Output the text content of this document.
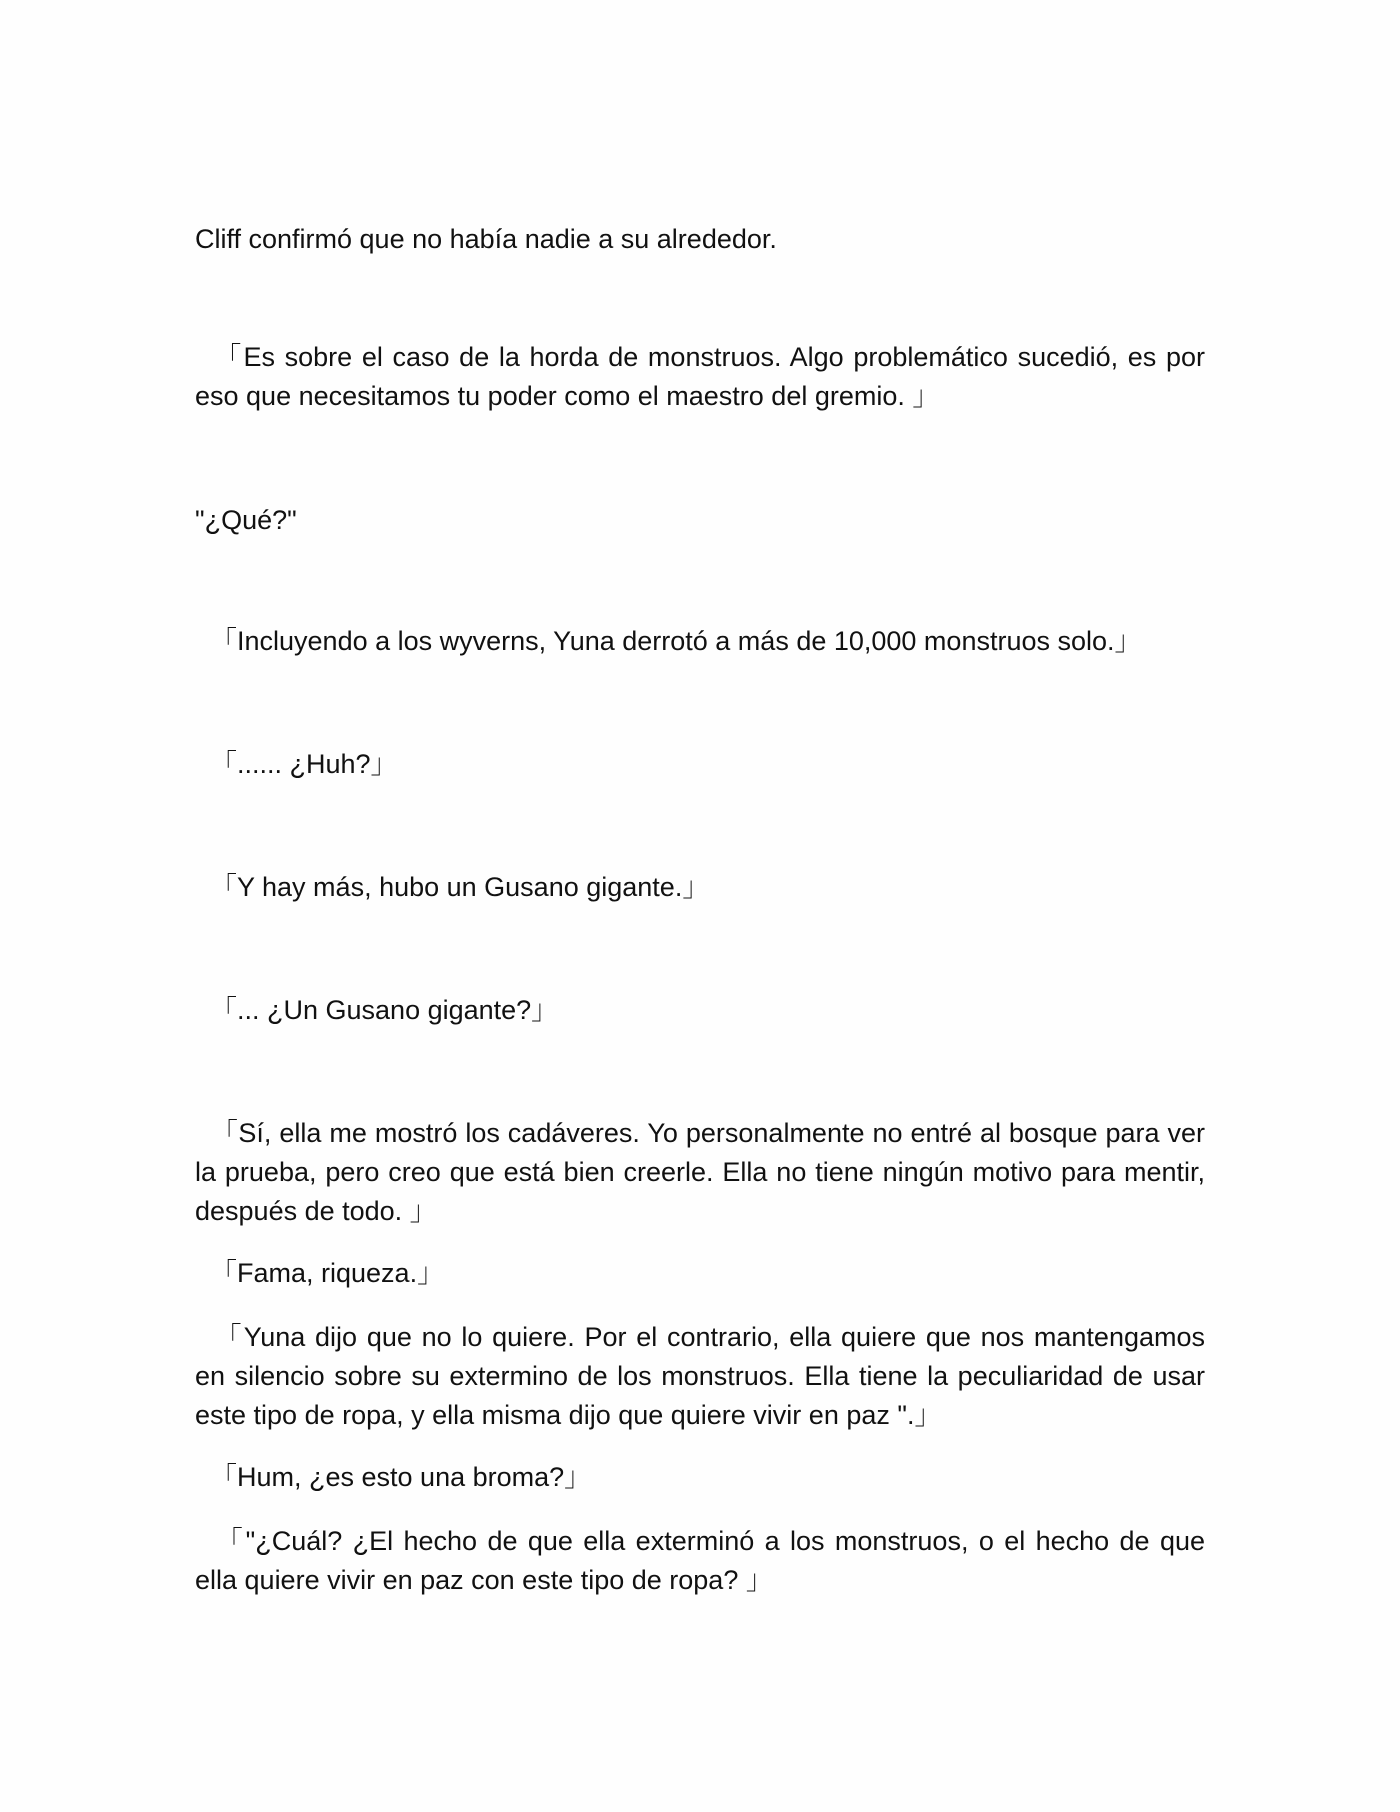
Cliff confirmó que no había nadie a su alrededor.

「Es sobre el caso de la horda de monstruos. Algo problemático sucedió, es por eso que necesitamos tu poder como el maestro del gremio. 」

"¿Qué?"

「Incluyendo a los wyverns, Yuna derrotó a más de 10,000 monstruos solo.」

「...... ¿Huh?」

「Y hay más, hubo un Gusano gigante.」

「... ¿Un Gusano gigante?」

「Sí, ella me mostró los cadáveres. Yo personalmente no entré al bosque para ver la prueba, pero creo que está bien creerle. Ella no tiene ningún motivo para mentir, después de todo. 」

「Fama, riqueza.」

「Yuna dijo que no lo quiere. Por el contrario, ella quiere que nos mantengamos en silencio sobre su extermino de los monstruos. Ella tiene la peculiaridad de usar este tipo de ropa, y ella misma dijo que quiere vivir en paz ".」

「Hum, ¿es esto una broma?」

「"¿Cuál? ¿El hecho de que ella exterminó a los monstruos, o el hecho de que ella quiere vivir en paz con este tipo de ropa? 」
